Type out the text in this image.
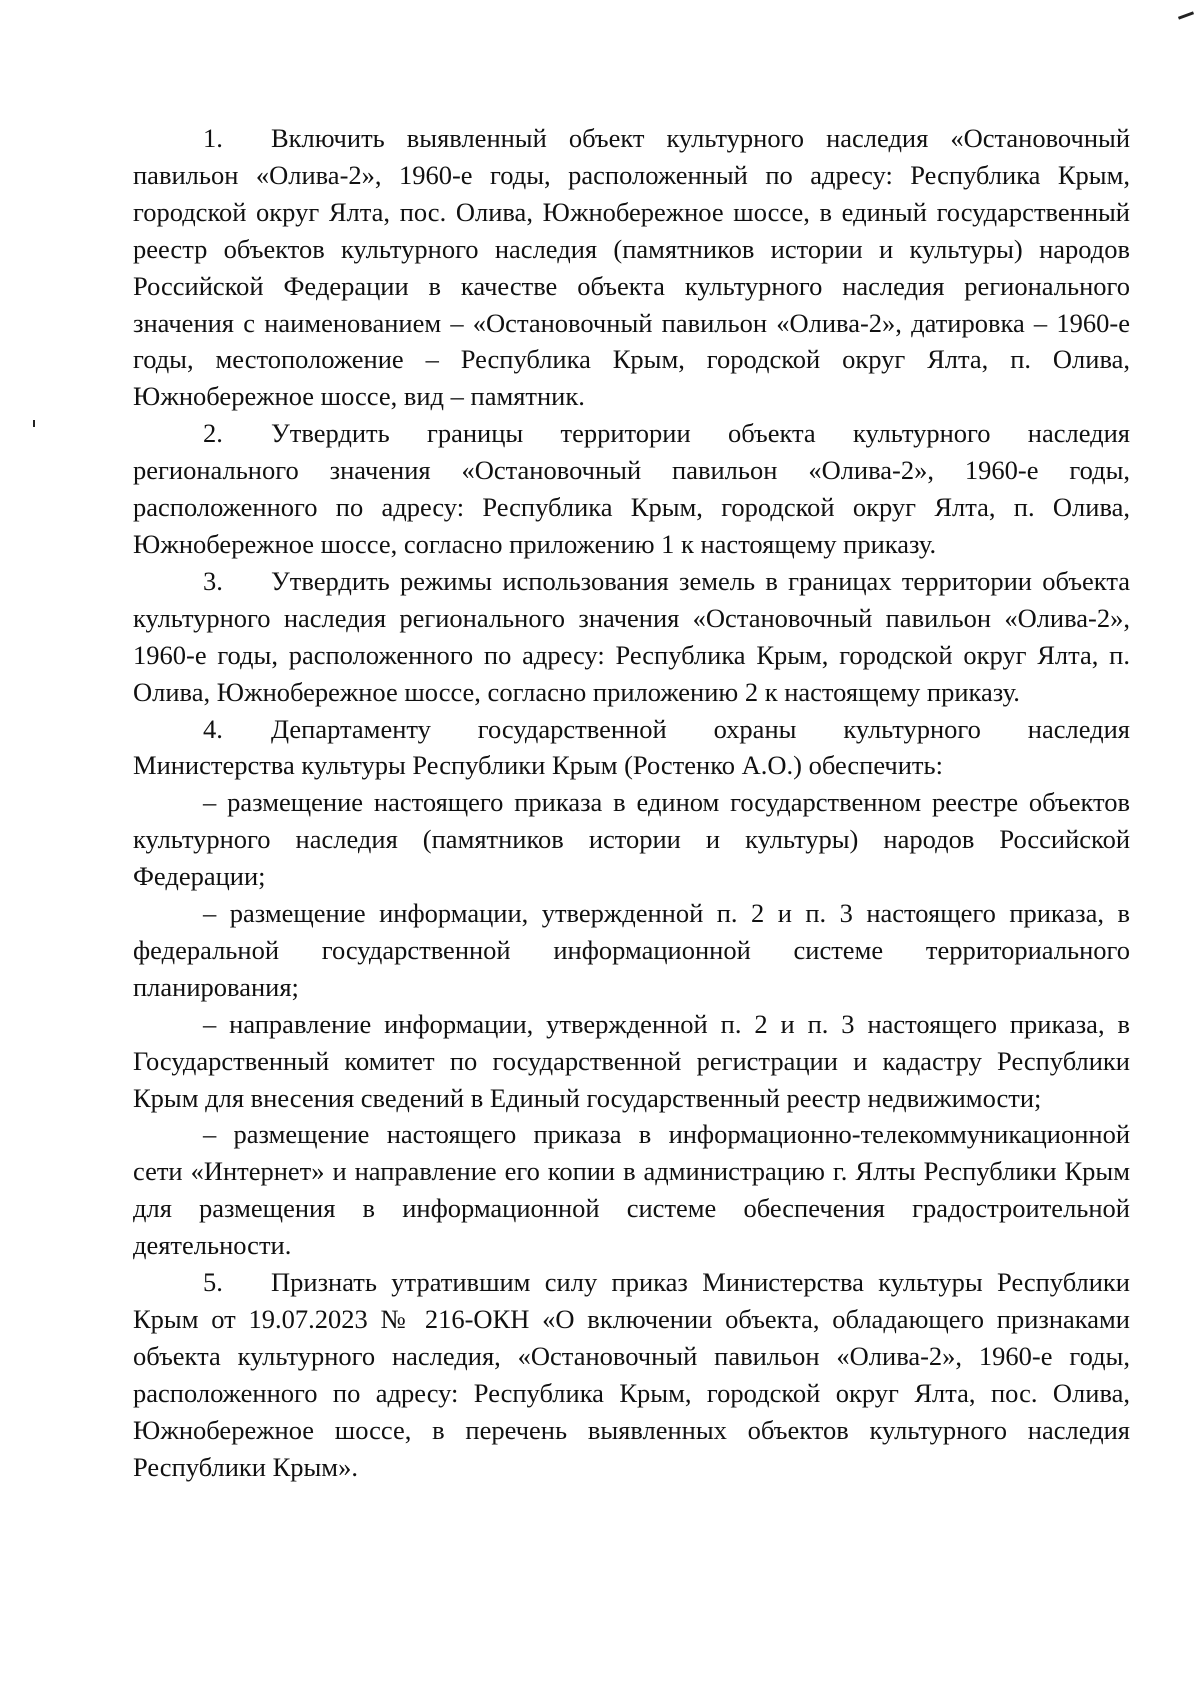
1. Включить выявленный объект культурного наследия «Остановочный павильон «Олива-2», 1960-е годы, расположенный по адресу: Республика Крым, городской округ Ялта, пос. Олива, Южнобережное шоссе, в единый государственный реестр объектов культурного наследия (памятников истории и культуры) народов Российской Федерации в качестве объекта культурного наследия регионального значения с наименованием – «Остановочный павильон «Олива-2», датировка – 1960-е годы, местоположение – Республика Крым, городской округ Ялта, п. Олива, Южнобережное шоссе, вид – памятник.

2. Утвердить границы территории объекта культурного наследия регионального значения «Остановочный павильон «Олива-2», 1960-е годы, расположенного по адресу: Республика Крым, городской округ Ялта, п. Олива, Южнобережное шоссе, согласно приложению 1 к настоящему приказу.

3. Утвердить режимы использования земель в границах территории объекта культурного наследия регионального значения «Остановочный павильон «Олива-2», 1960-е годы, расположенного по адресу: Республика Крым, городской округ Ялта, п. Олива, Южнобережное шоссе, согласно приложению 2 к настоящему приказу.

4. Департаменту государственной охраны культурного наследия Министерства культуры Республики Крым (Ростенко А.О.) обеспечить:

– размещение настоящего приказа в едином государственном реестре объектов культурного наследия (памятников истории и культуры) народов Российской Федерации;

– размещение информации, утвержденной п. 2 и п. 3 настоящего приказа, в федеральной государственной информационной системе территориального планирования;

– направление информации, утвержденной п. 2 и п. 3 настоящего приказа, в Государственный комитет по государственной регистрации и кадастру Республики Крым для внесения сведений в Единый государственный реестр недвижимости;

– размещение настоящего приказа в информационно-телекоммуникационной сети «Интернет» и направление его копии в администрацию г. Ялты Республики Крым для размещения в информационной системе обеспечения градостроительной деятельности.

5. Признать утратившим силу приказ Министерства культуры Республики Крым от 19.07.2023 № 216-ОКН «О включении объекта, обладающего признаками объекта культурного наследия, «Остановочный павильон «Олива-2», 1960-е годы, расположенного по адресу: Республика Крым, городской округ Ялта, пос. Олива, Южнобережное шоссе, в перечень выявленных объектов культурного наследия Республики Крым».
